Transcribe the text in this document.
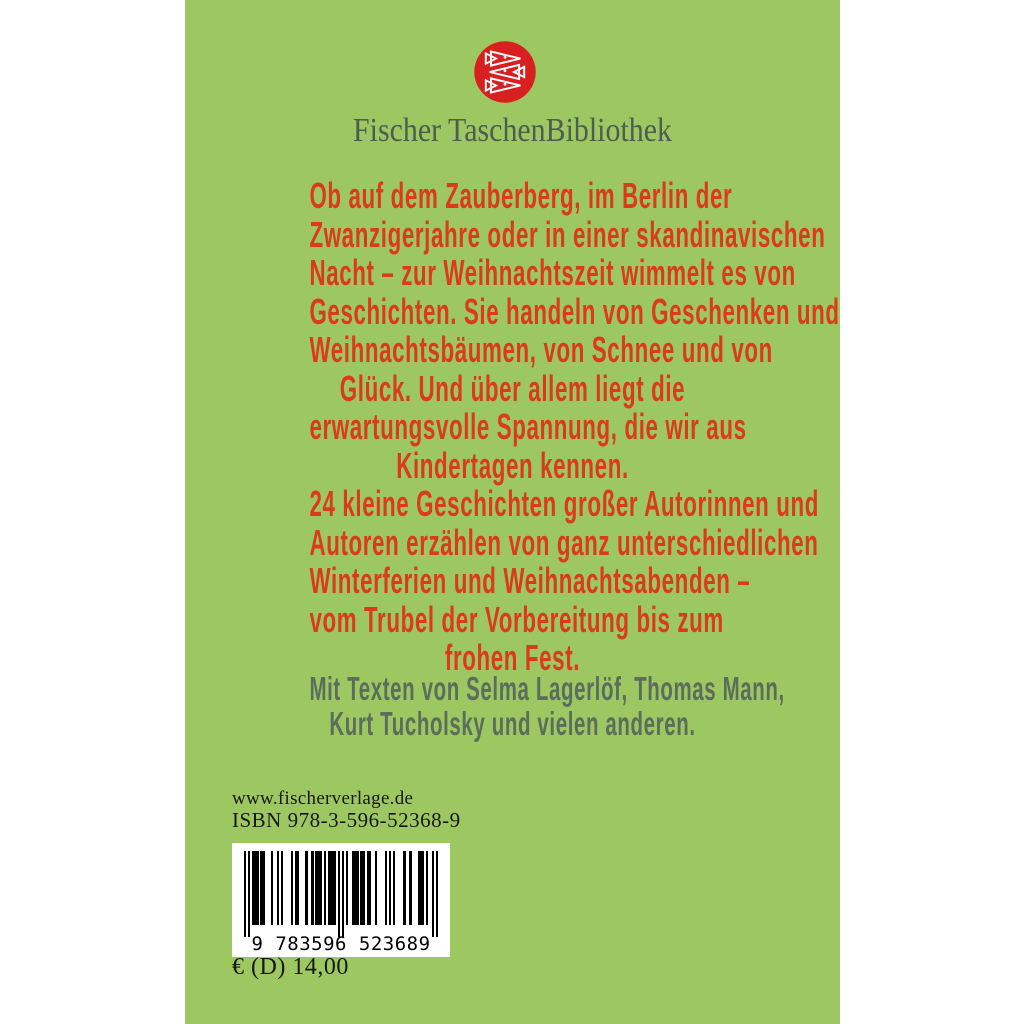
Fischer TaschenBibliothek
Ob auf dem Zauberberg, im Berlin der
Zwanzigerjahre oder in einer skandinavischen
Nacht – zur Weihnachtszeit wimmelt es von
Geschichten. Sie handeln von Geschenken und
Weihnachtsbäumen, von Schnee und von
Glück. Und über allem liegt die
erwartungsvolle Spannung, die wir aus
Kindertagen kennen.
24 kleine Geschichten großer Autorinnen und
Autoren erzählen von ganz unterschiedlichen
Winterferien und Weihnachtsabenden –
vom Trubel der Vorbereitung bis zum
frohen Fest.
Mit Texten von Selma Lagerlöf, Thomas Mann,
Kurt Tucholsky und vielen anderen.
www.fischerverlage.de
ISBN 978-3-596-52368-9
9 783596 523689
€ (D) 14,00
